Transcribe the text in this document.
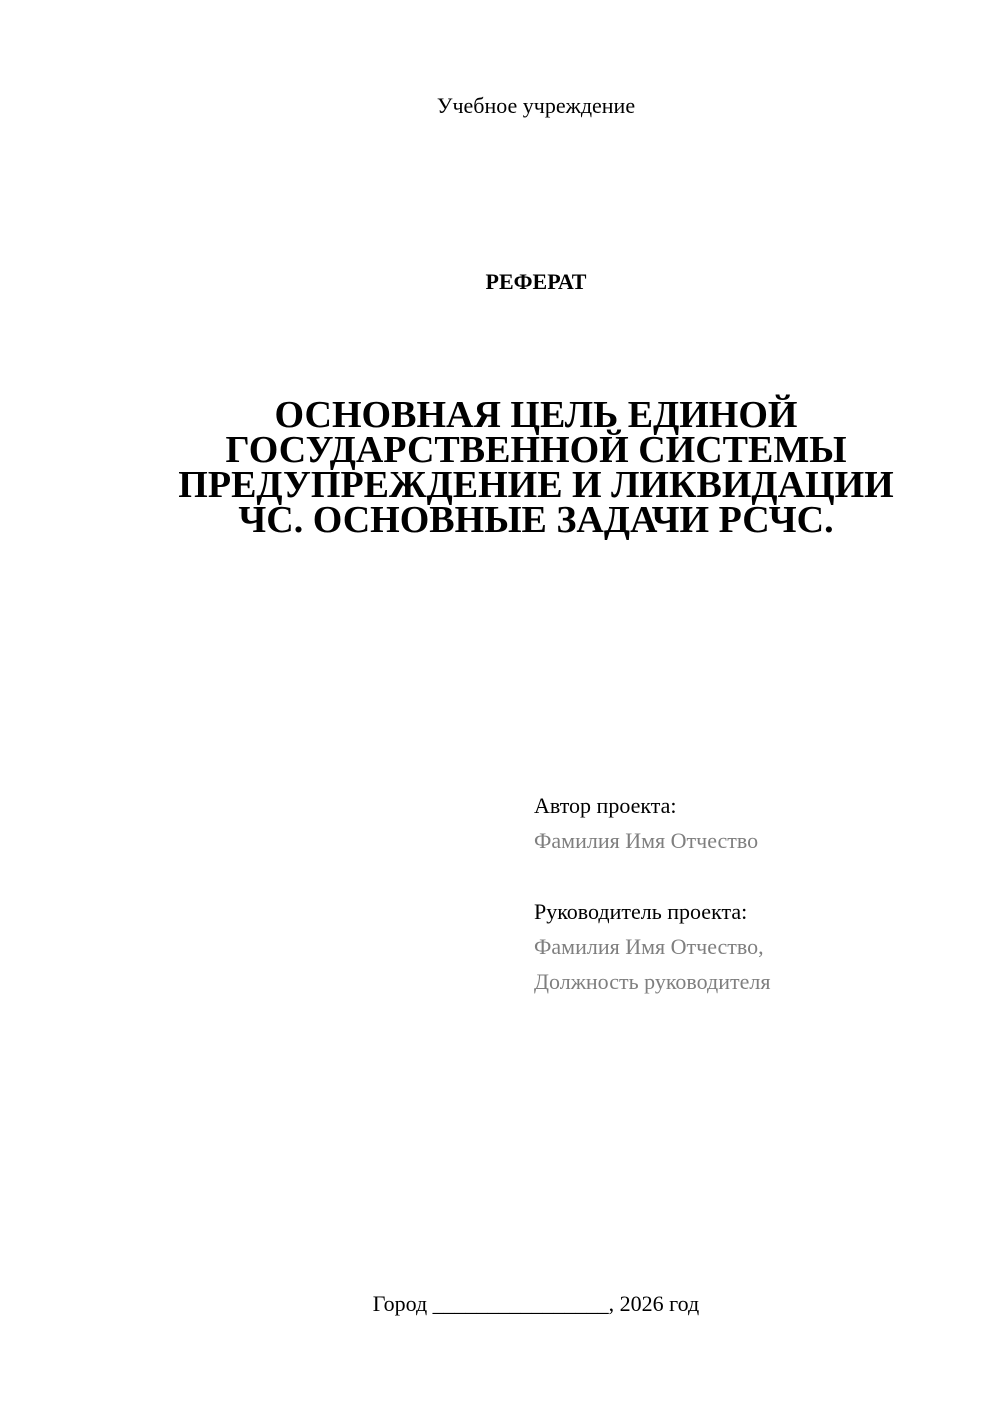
Учебное учреждение
РЕФЕРАТ
ОСНОВНАЯ ЦЕЛЬ ЕДИНОЙ
ГОСУДАРСТВЕННОЙ СИСТЕМЫ
ПРЕДУПРЕЖДЕНИЕ И ЛИКВИДАЦИИ
ЧС. ОСНОВНЫЕ ЗАДАЧИ РСЧС.
Автор проекта:
Фамилия Имя Отчество
Руководитель проекта:
Фамилия Имя Отчество,
Должность руководителя
Город ________________, 2026 год
